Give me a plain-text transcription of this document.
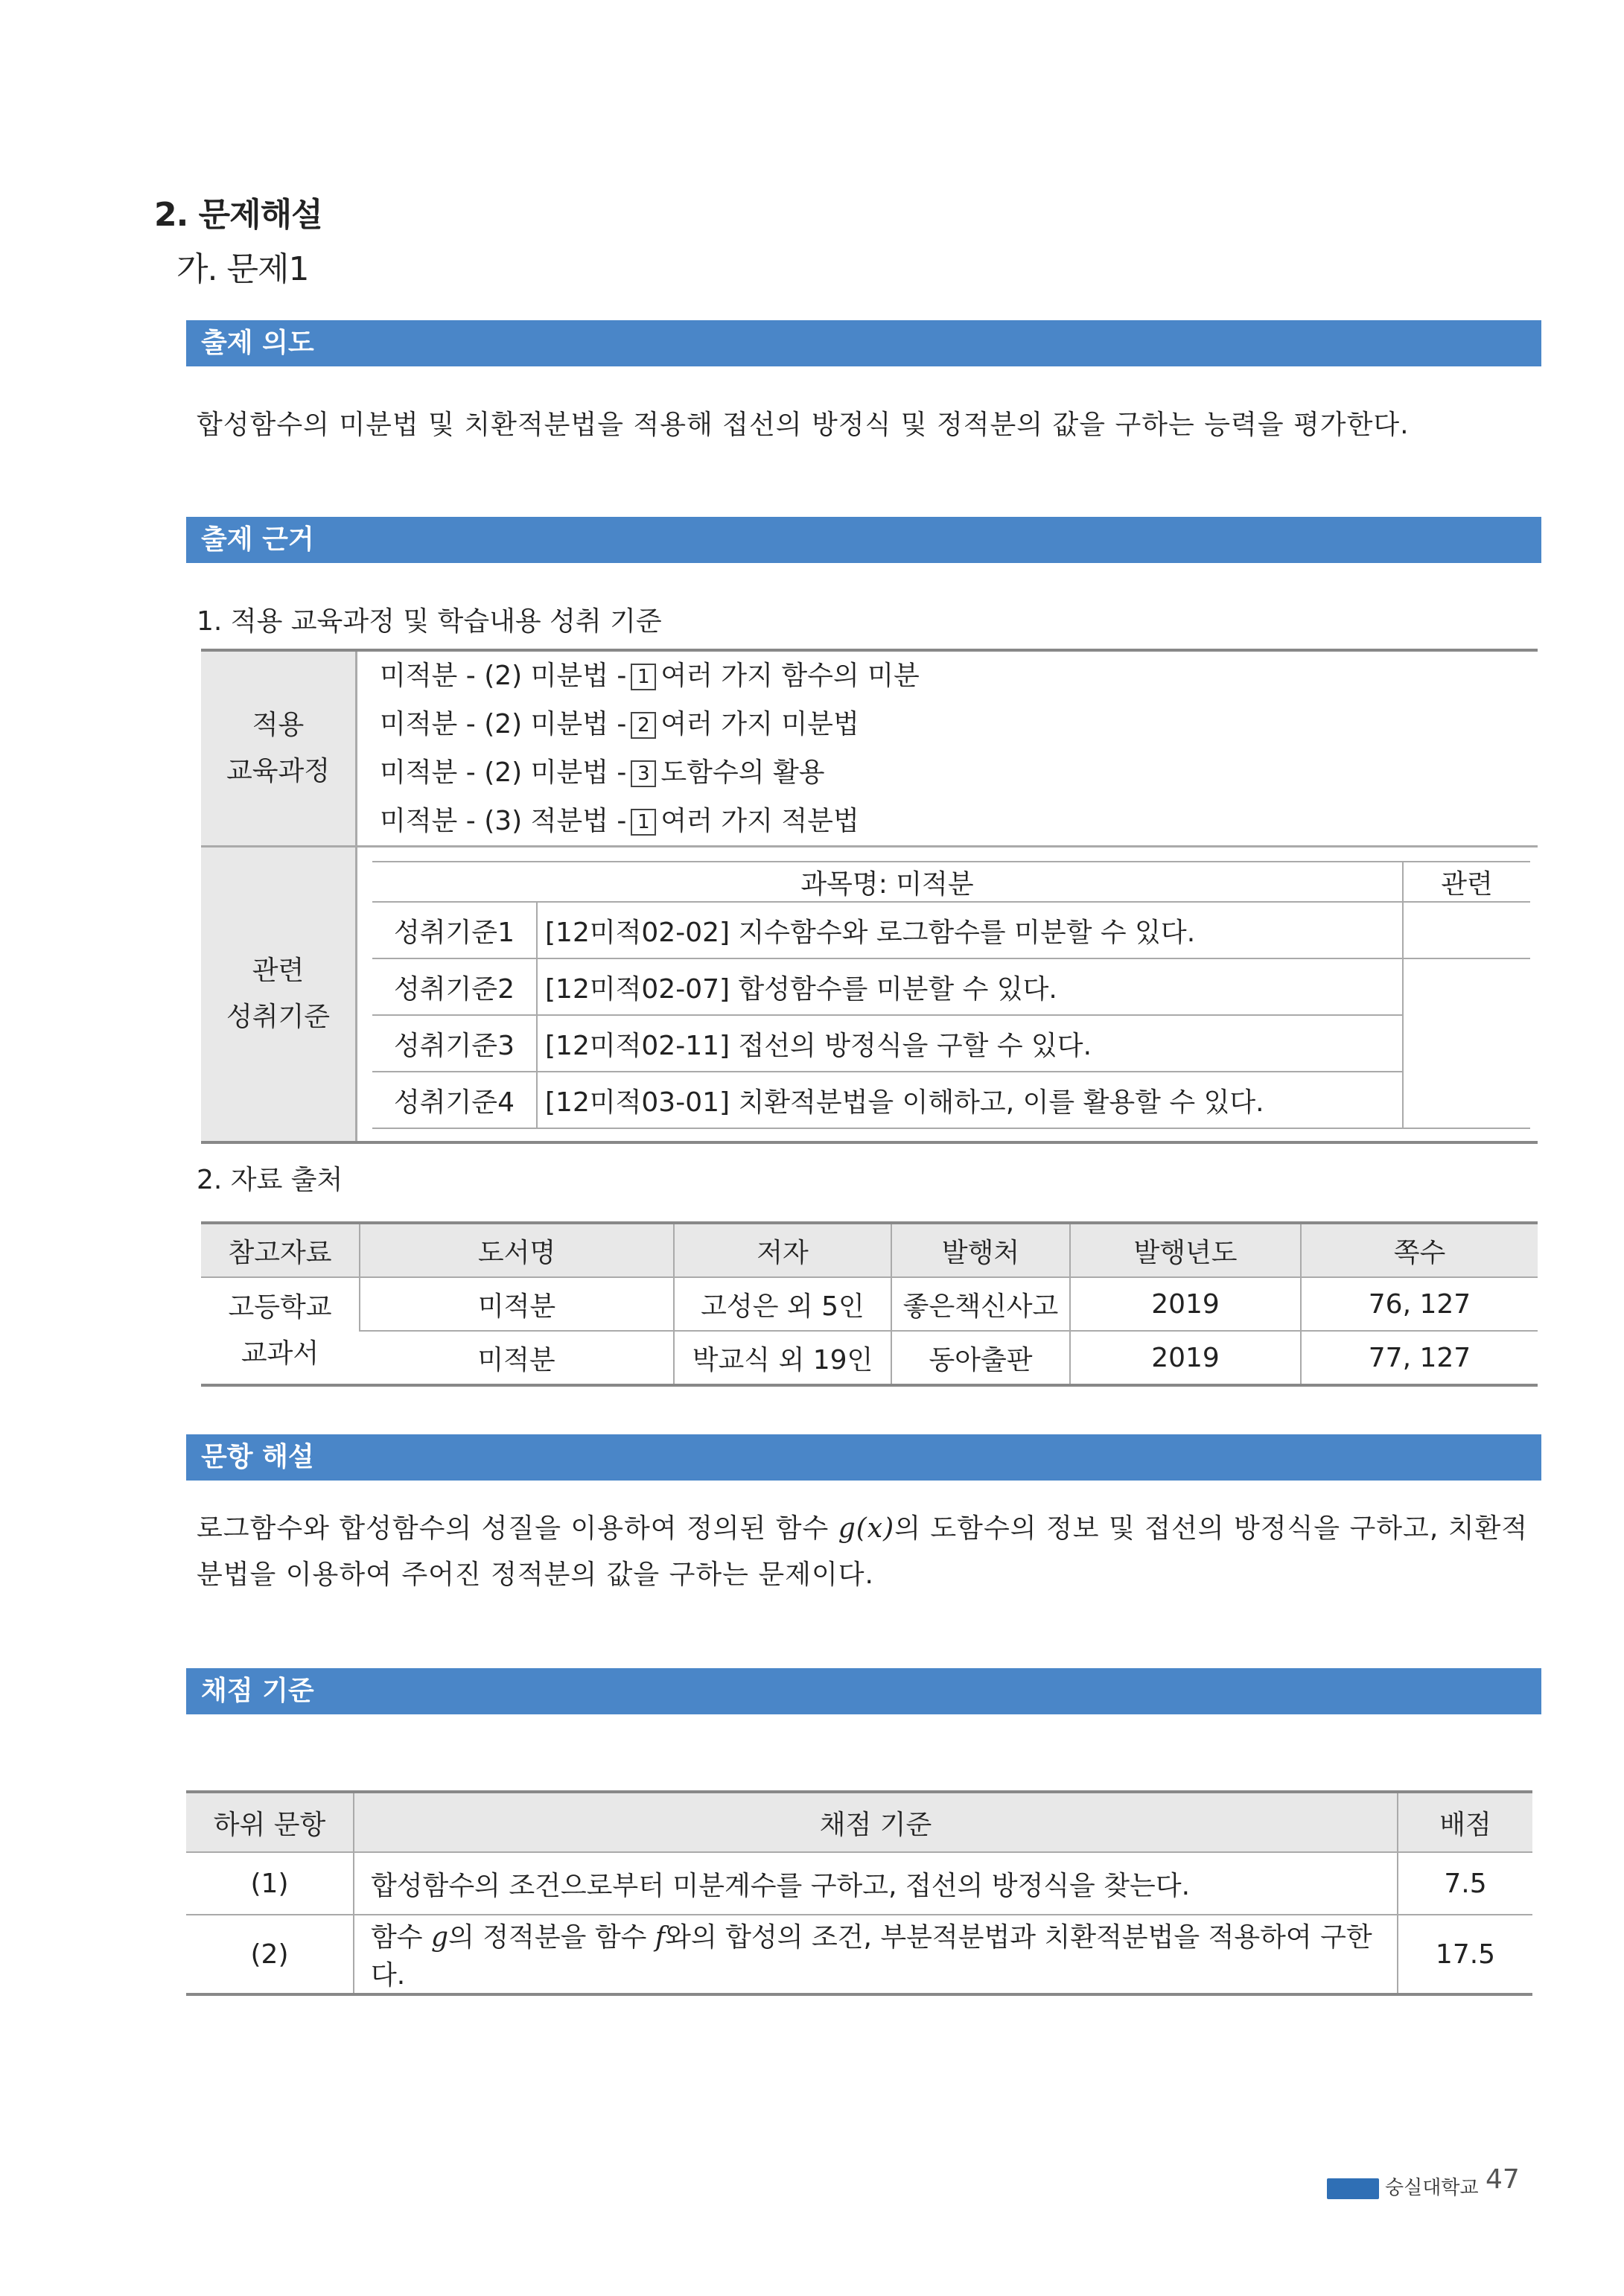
2. 문제해설
가. 문제1
출제 의도
합성함수의 미분법 및 치환적분법을 적용해 접선의 방정식 및 정적분의 값을 구하는 능력을 평가한다.
출제 근거
1. 적용 교육과정 및 학습내용 성취 기준
적용
교육과정

미적분 - (2) 미분법 - 1 여러 가지 함수의 미분
미적분 - (2) 미분법 - 2 여러 가지 미분법
미적분 - (2) 미분법 - 3 도함수의 활용
미적분 - (3) 적분법 - 1 여러 가지 적분법

관련
성취기준

과목명: 미적분	관련
성취기준1	[12미적02-02] 지수함수와 로그함수를 미분할 수 있다.	
성취기준2	[12미적02-07] 합성함수를 미분할 수 있다.	
성취기준3	[12미적02-11] 접선의 방정식을 구할 수 있다.
성취기준4	[12미적03-01] 치환적분법을 이해하고, 이를 활용할 수 있다.
2. 자료 출처
참고자료	도서명	저자	발행처	발행년도	쪽수

고등학교
교과서	미적분	고성은 외 5인	좋은책신사고	2019	76, 127
	미적분	박교식 외 19인	동아출판	2019	77, 127
문항 해설
로그함수와 합성함수의 성질을 이용하여 정의된 함수 g(x)의 도함수의 정보 및 접선의 방정식을 구하고, 치환적
분법을 이용하여 주어진 정적분의 값을 구하는 문제이다.
채점 기준
하위 문항	채점 기준	배점
(1)	합성함수의 조건으로부터 미분계수를 구하고, 접선의 방정식을 찾는다.	7.5
(2)	함수 g의 정적분을 함수 f와의 합성의 조건, 부분적분법과 치환적분법을 적용하여 구한다.	17.5
숭실대학교 47
